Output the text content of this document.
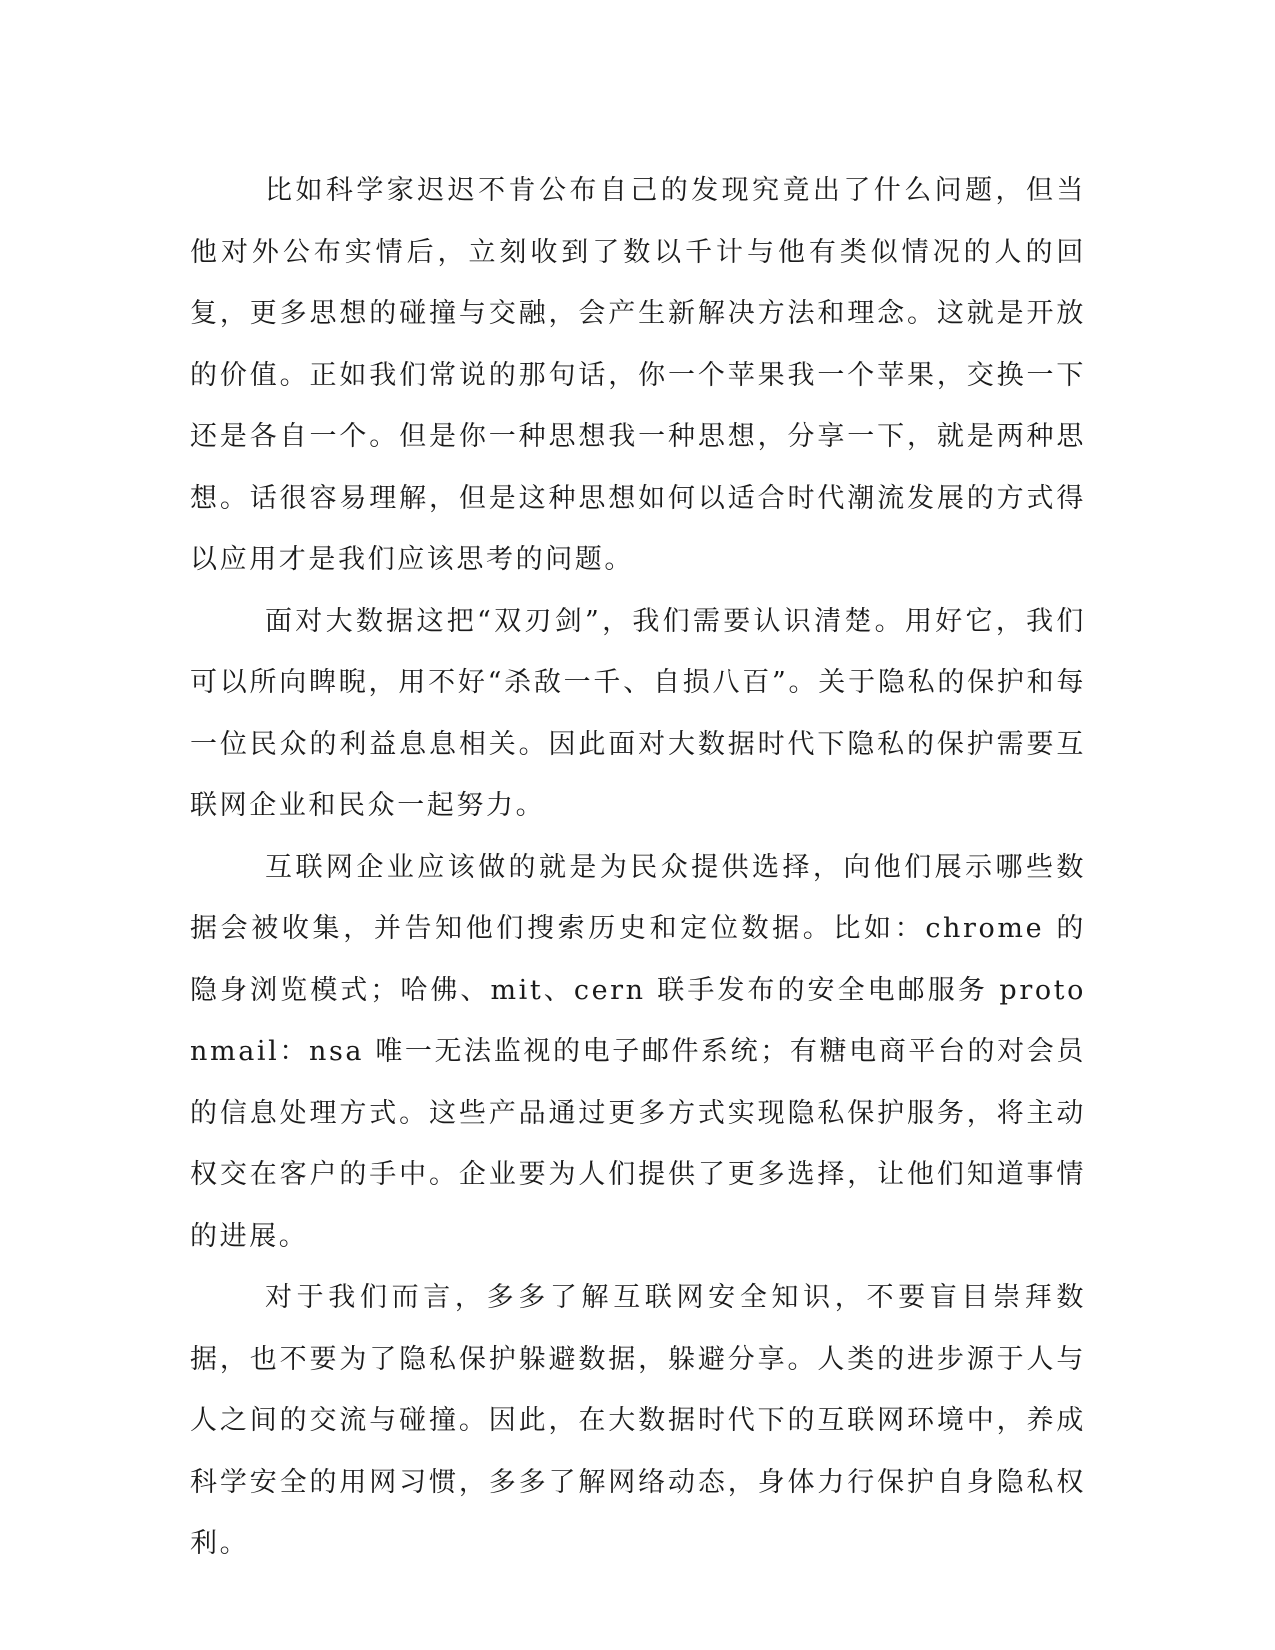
比如科学家迟迟不肯公布自己的发现究竟出了什么问题，但当他对外公布实情后，立刻收到了数以千计与他有类似情况的人的回复，更多思想的碰撞与交融，会产生新解决方法和理念。这就是开放的价值。正如我们常说的那句话，你一个苹果我一个苹果，交换一下还是各自一个。但是你一种思想我一种思想，分享一下，就是两种思想。话很容易理解，但是这种思想如何以适合时代潮流发展的方式得以应用才是我们应该思考的问题。

面对大数据这把“双刃剑”，我们需要认识清楚。用好它，我们可以所向睥睨，用不好“杀敌一千、自损八百”。关于隐私的保护和每一位民众的利益息息相关。因此面对大数据时代下隐私的保护需要互联网企业和民众一起努力。

互联网企业应该做的就是为民众提供选择，向他们展示哪些数据会被收集，并告知他们搜索历史和定位数据。比如：chrome 的隐身浏览模式；哈佛、mit、cern 联手发布的安全电邮服务 protonmail：nsa 唯一无法监视的电子邮件系统；有糖电商平台的对会员的信息处理方式。这些产品通过更多方式实现隐私保护服务，将主动权交在客户的手中。企业要为人们提供了更多选择，让他们知道事情的进展。

对于我们而言，多多了解互联网安全知识，不要盲目崇拜数据，也不要为了隐私保护躲避数据，躲避分享。人类的进步源于人与人之间的交流与碰撞。因此，在大数据时代下的互联网环境中，养成科学安全的用网习惯，多多了解网络动态，身体力行保护自身隐私权利。
